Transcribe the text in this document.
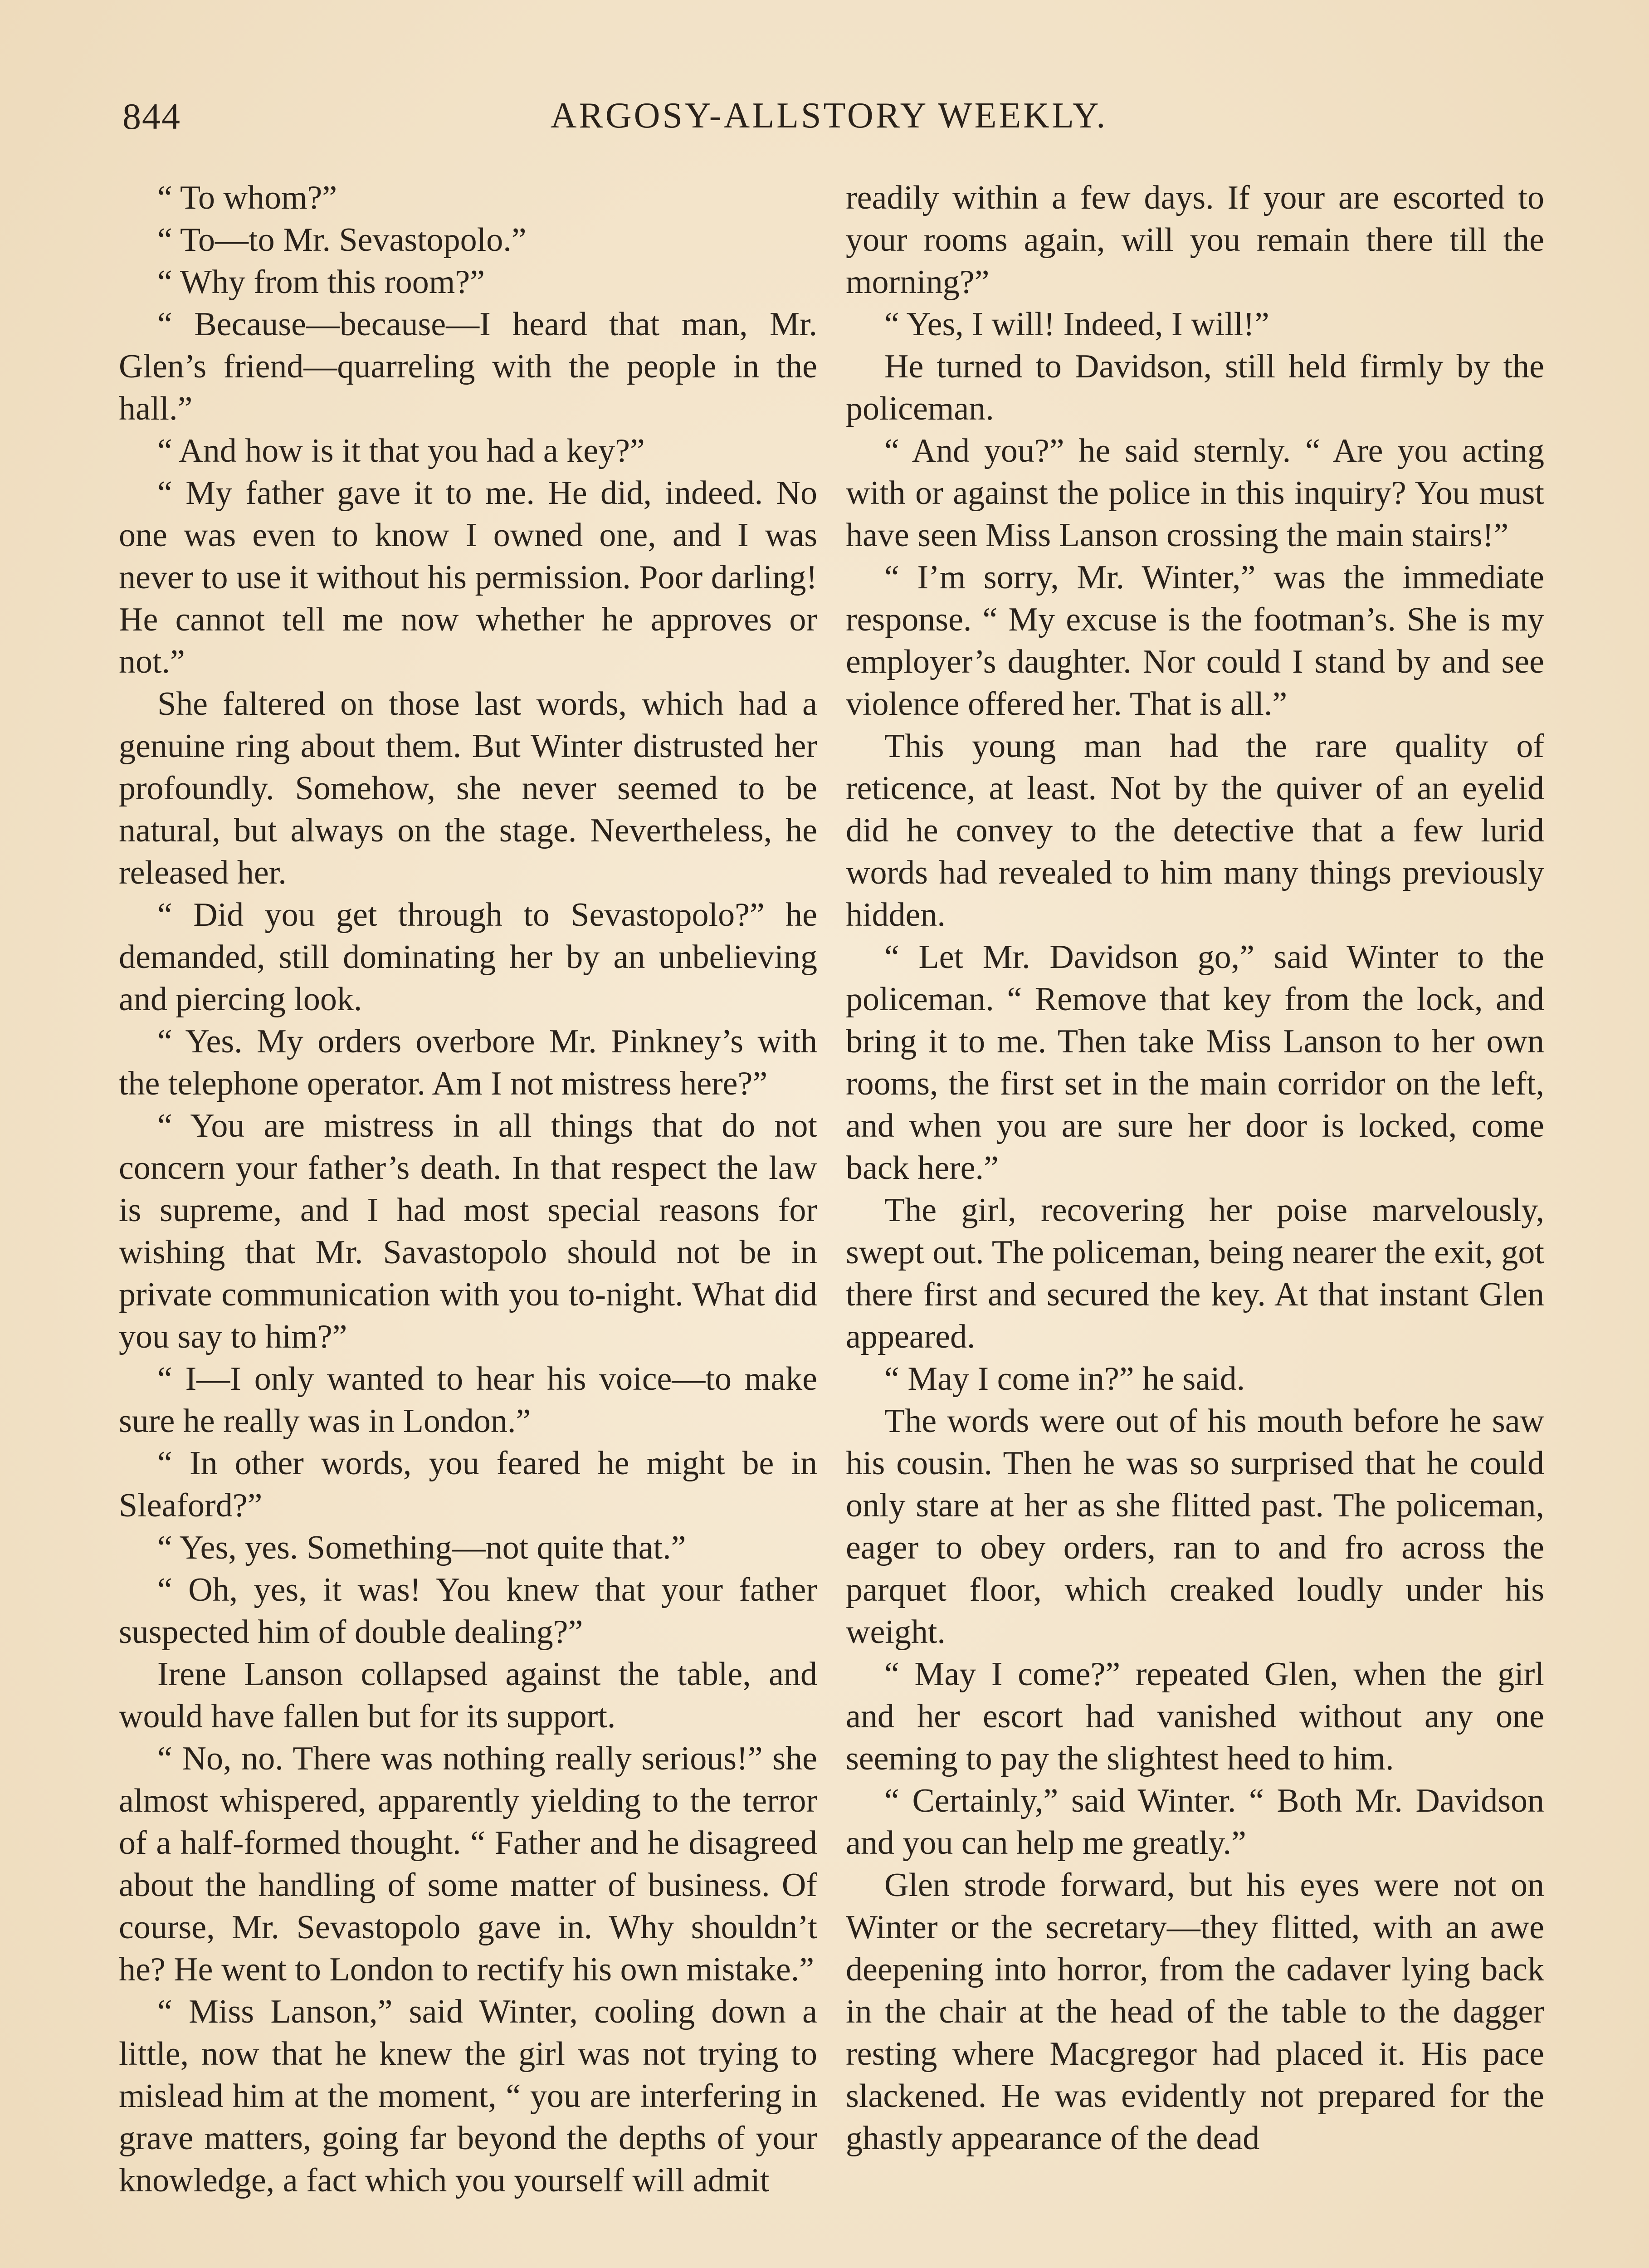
844	ARGOSY-ALLSTORY WEEKLY.

“ To whom?”

“ To—to Mr. Sevastopolo.”

“ Why from this room?”

“ Because—because—I heard that man, Mr. Glen’s friend—quarreling with the people in the hall.”

“ And how is it that you had a key?”

“ My father gave it to me. He did, indeed. No one was even to know I owned one, and I was never to use it without his permission. Poor darling! He cannot tell me now whether he approves or not.”

She faltered on those last words, which had a genuine ring about them. But Winter distrusted her profoundly. Somehow, she never seemed to be natural, but always on the stage. Nevertheless, he released her.

“ Did you get through to Sevastopolo?” he demanded, still dominating her by an unbelieving and piercing look.

“ Yes. My orders overbore Mr. Pinkney’s with the telephone operator. Am I not mistress here?”

“ You are mistress in all things that do not concern your father’s death. In that respect the law is supreme, and I had most special reasons for wishing that Mr. Savastopolo should not be in private communication with you to-night. What did you say to him?”

“ I—I only wanted to hear his voice—to make sure he really was in London.”

“ In other words, you feared he might be in Sleaford?”

“ Yes, yes. Something—not quite that.”

“ Oh, yes, it was! You knew that your father suspected him of double dealing?”

Irene Lanson collapsed against the table, and would have fallen but for its support.

“ No, no. There was nothing really serious!” she almost whispered, apparently yielding to the terror of a half-formed thought. “ Father and he disagreed about the handling of some matter of business. Of course, Mr. Sevastopolo gave in. Why shouldn’t he? He went to London to rectify his own mistake.”

“ Miss Lanson,” said Winter, cooling down a little, now that he knew the girl was not trying to mislead him at the moment, “ you are interfering in grave matters, going far beyond the depths of your knowledge, a fact which you yourself will admit

readily within a few days. If your are escorted to your rooms again, will you remain there till the morning?”

“ Yes, I will! Indeed, I will!”

He turned to Davidson, still held firmly by the policeman.

“ And you?” he said sternly. “ Are you acting with or against the police in this inquiry? You must have seen Miss Lanson crossing the main stairs!”

“ I’m sorry, Mr. Winter,” was the immediate response. “ My excuse is the footman’s. She is my employer’s daughter. Nor could I stand by and see violence offered her. That is all.”

This young man had the rare quality of reticence, at least. Not by the quiver of an eyelid did he convey to the detective that a few lurid words had revealed to him many things previously hidden.

“ Let Mr. Davidson go,” said Winter to the policeman. “ Remove that key from the lock, and bring it to me. Then take Miss Lanson to her own rooms, the first set in the main corridor on the left, and when you are sure her door is locked, come back here.”

The girl, recovering her poise marvelously, swept out. The policeman, being nearer the exit, got there first and secured the key. At that instant Glen appeared.

“ May I come in?” he said.

The words were out of his mouth before he saw his cousin. Then he was so surprised that he could only stare at her as she flitted past. The policeman, eager to obey orders, ran to and fro across the parquet floor, which creaked loudly under his weight.

“ May I come?” repeated Glen, when the girl and her escort had vanished without any one seeming to pay the slightest heed to him.

“ Certainly,” said Winter. “ Both Mr. Davidson and you can help me greatly.”

Glen strode forward, but his eyes were not on Winter or the secretary—they flitted, with an awe deepening into horror, from the cadaver lying back in the chair at the head of the table to the dagger resting where Macgregor had placed it. His pace slackened. He was evidently not prepared for the ghastly appearance of the dead
